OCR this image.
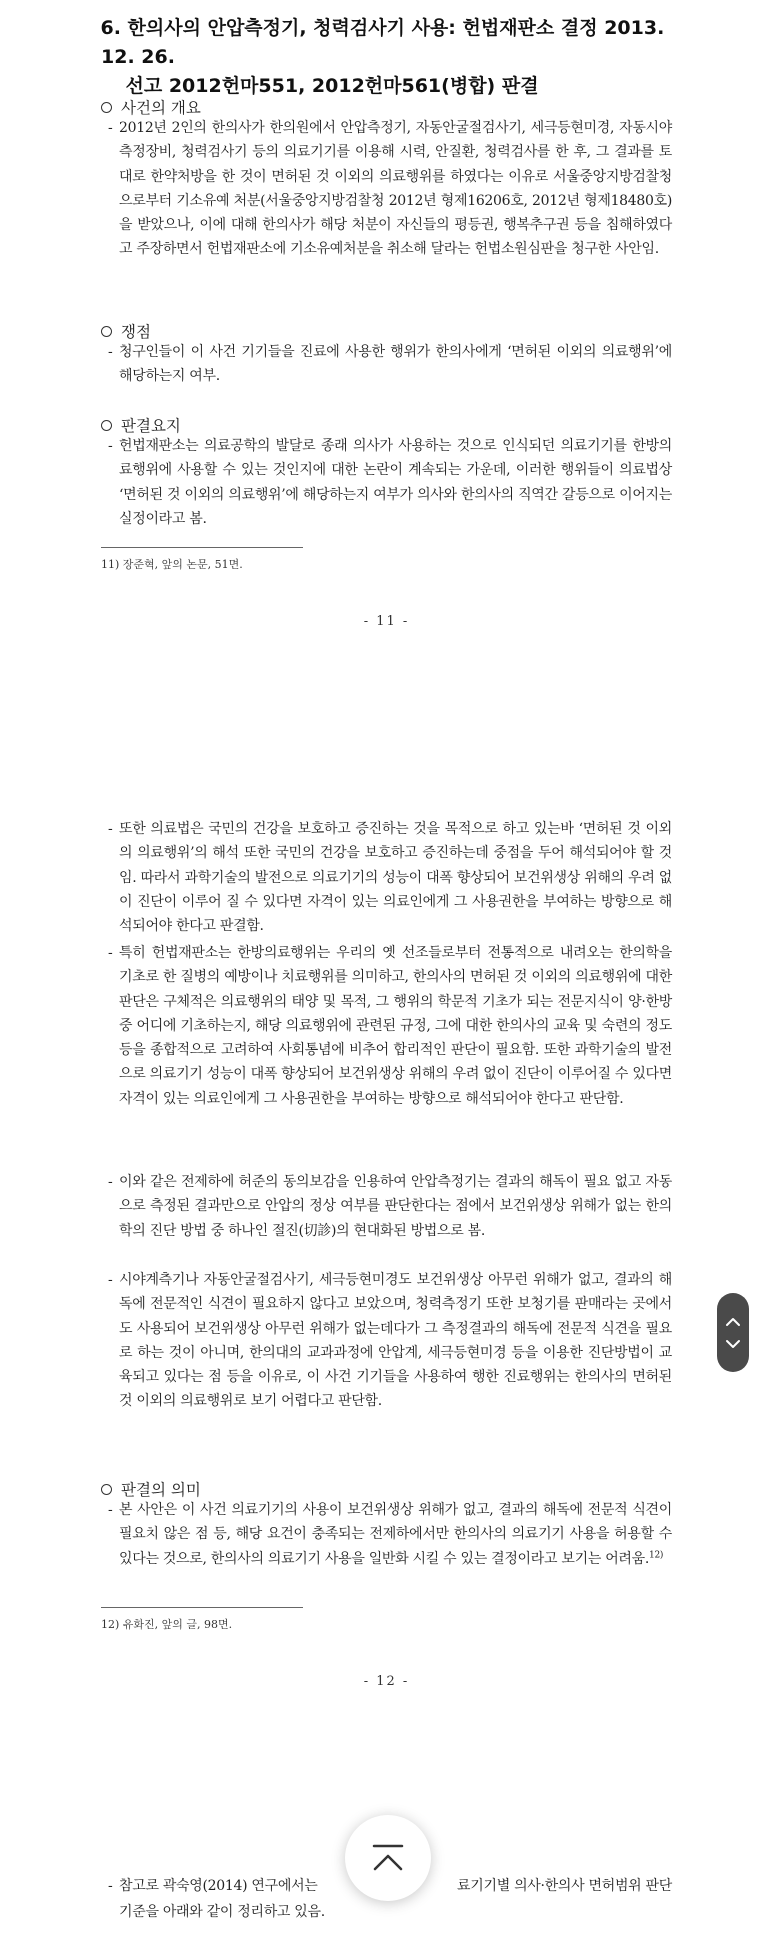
6. 한의사의 안압측정기, 청력검사기 사용: 헌법재판소 결정 2013. 12. 26.
선고 2012헌마551, 2012헌마561(병합) 판결
사건의 개요
- 2012년 2인의 한의사가 한의원에서 안압측정기, 자동안굴절검사기, 세극등현미경, 자동시야측정장비, 청력검사기 등의 의료기기를 이용해 시력, 안질환, 청력검사를 한 후, 그 결과를 토대로 한약처방을 한 것이 면허된 것 이외의 의료행위를 하였다는 이유로 서울중앙지방검찰청으로부터 기소유예 처분(서울중앙지방검찰청 2012년 형제16206호, 2012년 형제18480호)을 받았으나, 이에 대해 한의사가 해당 처분이 자신들의 평등권, 행복추구권 등을 침해하였다고 주장하면서 헌법재판소에 기소유예처분을 취소해 달라는 헌법소원심판을 청구한 사안임.
쟁점
- 청구인들이 이 사건 기기들을 진료에 사용한 행위가 한의사에게 ‘면허된 이외의 의료행위’에 해당하는지 여부.
판결요지
- 헌법재판소는 의료공학의 발달로 종래 의사가 사용하는 것으로 인식되던 의료기기를 한방의료행위에 사용할 수 있는 것인지에 대한 논란이 계속되는 가운데, 이러한 행위들이 의료법상 ‘면허된 것 이외의 의료행위’에 해당하는지 여부가 의사와 한의사의 직역간 갈등으로 이어지는 실정이라고 봄.
11) 장준혁, 앞의 논문, 51면.
- 11 -
- 또한 의료법은 국민의 건강을 보호하고 증진하는 것을 목적으로 하고 있는바 ‘면허된 것 이외의 의료행위’의 해석 또한 국민의 건강을 보호하고 증진하는데 중점을 두어 해석되어야 할 것임. 따라서 과학기술의 발전으로 의료기기의 성능이 대폭 향상되어 보건위생상 위해의 우려 없이 진단이 이루어 질 수 있다면 자격이 있는 의료인에게 그 사용권한을 부여하는 방향으로 해석되어야 한다고 판결함.
- 특히 헌법재판소는 한방의료행위는 우리의 옛 선조들로부터 전통적으로 내려오는 한의학을 기초로 한 질병의 예방이나 치료행위를 의미하고, 한의사의 면허된 것 이외의 의료행위에 대한 판단은 구체적은 의료행위의 태양 및 목적, 그 행위의 학문적 기초가 되는 전문지식이 양·한방 중 어디에 기초하는지, 해당 의료행위에 관련된 규정, 그에 대한 한의사의 교육 및 숙련의 정도 등을 종합적으로 고려하여 사회통념에 비추어 합리적인 판단이 필요함. 또한 과학기술의 발전으로 의료기기 성능이 대폭 향상되어 보건위생상 위해의 우려 없이 진단이 이루어질 수 있다면 자격이 있는 의료인에게 그 사용권한을 부여하는 방향으로 해석되어야 한다고 판단함.
- 이와 같은 전제하에 허준의 동의보감을 인용하여 안압측정기는 결과의 해독이 필요 없고 자동으로 측정된 결과만으로 안압의 정상 여부를 판단한다는 점에서 보건위생상 위해가 없는 한의학의 진단 방법 중 하나인 절진(切診)의 현대화된 방법으로 봄.
- 시야계측기나 자동안굴절검사기, 세극등현미경도 보건위생상 아무런 위해가 없고, 결과의 해독에 전문적인 식견이 필요하지 않다고 보았으며, 청력측정기 또한 보청기를 판매라는 곳에서도 사용되어 보건위생상 아무런 위해가 없는데다가 그 측정결과의 해독에 전문적 식견을 필요로 하는 것이 아니며, 한의대의 교과과정에 안압계, 세극등현미경 등을 이용한 진단방법이 교육되고 있다는 점 등을 이유로, 이 사건 기기들을 사용하여 행한 진료행위는 한의사의 면허된 것 이외의 의료행위로 보기 어렵다고 판단함.
판결의 의미
- 본 사안은 이 사건 의료기기의 사용이 보건위생상 위해가 없고, 결과의 해독에 전문적 식견이 필요치 않은 점 등, 해당 요건이 충족되는 전제하에서만 한의사의 의료기기 사용을 허용할 수 있다는 것으로, 한의사의 의료기기 사용을 일반화 시킬 수 있는 결정이라고 보기는 어려움.$^{12)}$
12) 유화진, 앞의 글, 98면.
- 12 -
- 참고로 곽숙영(2014) 연구에서는	료기기별 의사·한의사 면허범위 판단
기준을 아래와 같이 정리하고 있음.
